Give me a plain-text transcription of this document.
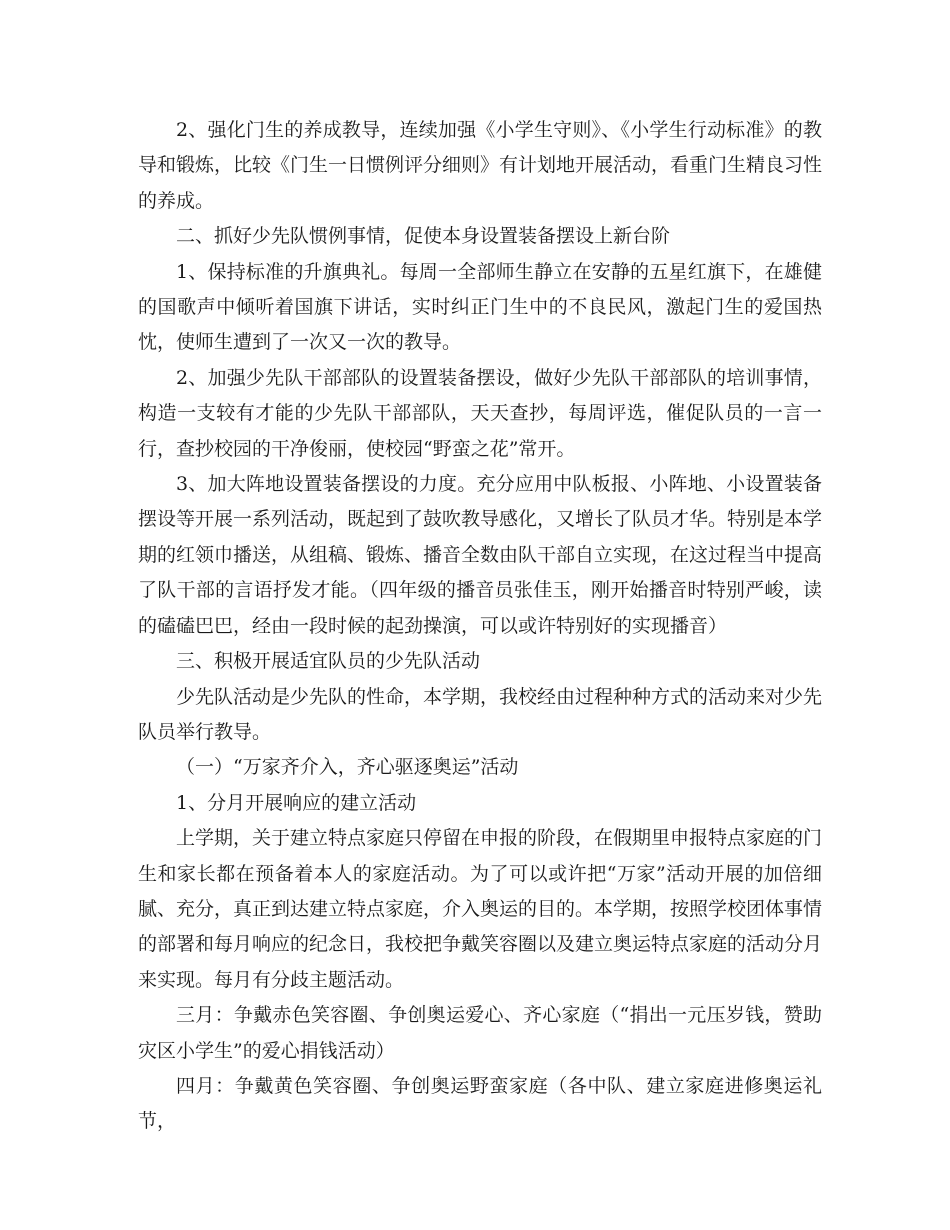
2、强化门生的养成教导，连续加强《小学生守则》、《小学生行动标准》的教导和锻炼，比较《门生一日惯例评分细则》有计划地开展活动，看重门生精良习性的养成。

二、抓好少先队惯例事情，促使本身设置装备摆设上新台阶

1、保持标准的升旗典礼。每周一全部师生静立在安静的五星红旗下，在雄健的国歌声中倾听着国旗下讲话，实时纠正门生中的不良民风，激起门生的爱国热忱，使师生遭到了一次又一次的教导。

2、加强少先队干部部队的设置装备摆设，做好少先队干部部队的培训事情，构造一支较有才能的少先队干部部队，天天查抄，每周评选，催促队员的一言一行，查抄校园的干净俊丽，使校园“野蛮之花”常开。

3、加大阵地设置装备摆设的力度。充分应用中队板报、小阵地、小设置装备摆设等开展一系列活动，既起到了鼓吹教导感化，又增长了队员才华。特别是本学期的红领巾播送，从组稿、锻炼、播音全数由队干部自立实现，在这过程当中提高了队干部的言语抒发才能。（四年级的播音员张佳玉，刚开始播音时特别严峻，读的磕磕巴巴，经由一段时候的起劲操演，可以或许特别好的实现播音）

三、积极开展适宜队员的少先队活动

少先队活动是少先队的性命，本学期，我校经由过程种种方式的活动来对少先队员举行教导。

（一）“万家齐介入，齐心驱逐奥运”活动

1、分月开展响应的建立活动

上学期，关于建立特点家庭只停留在申报的阶段，在假期里申报特点家庭的门生和家长都在预备着本人的家庭活动。为了可以或许把“万家”活动开展的加倍细腻、充分，真正到达建立特点家庭，介入奥运的目的。本学期，按照学校团体事情的部署和每月响应的纪念日，我校把争戴笑容圈以及建立奥运特点家庭的活动分月来实现。每月有分歧主题活动。

三月：争戴赤色笑容圈、争创奥运爱心、齐心家庭（“捐出一元压岁钱，赞助灾区小学生”的爱心捐钱活动）

四月：争戴黄色笑容圈、争创奥运野蛮家庭（各中队、建立家庭进修奥运礼节，
